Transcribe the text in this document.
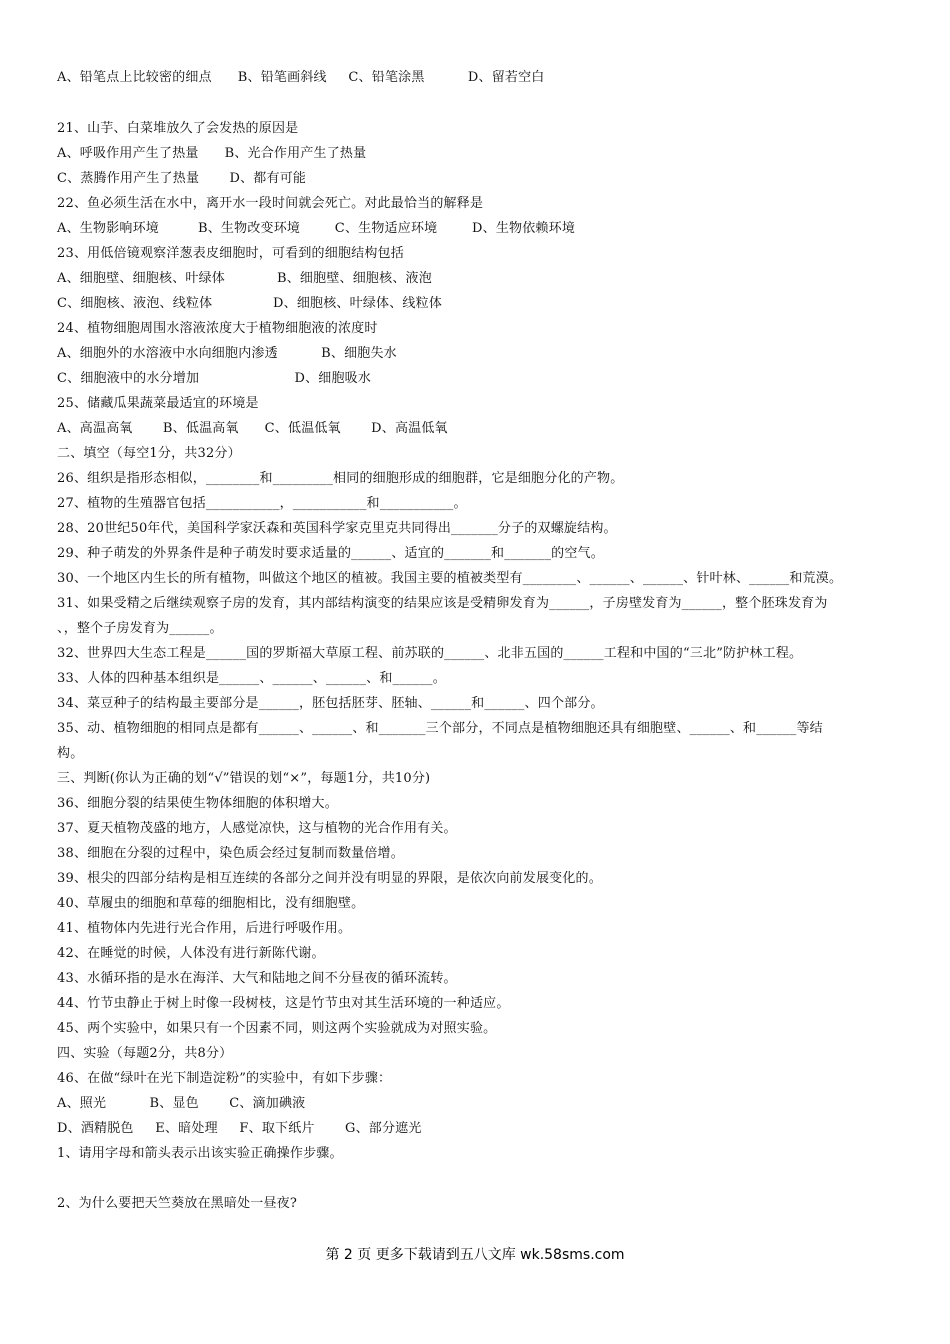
A、铅笔点上比较密的细点      B、铅笔画斜线     C、铅笔涂黑          D、留若空白
21、山芋、白菜堆放久了会发热的原因是
A、呼吸作用产生了热量      B、光合作用产生了热量
C、蒸腾作用产生了热量       D、都有可能
22、鱼必须生活在水中，离开水一段时间就会死亡。对此最恰当的解释是
A、生物影响环境         B、生物改变环境        C、生物适应环境        D、生物依赖环境
23、用低倍镜观察洋葱表皮细胞时，可看到的细胞结构包括
A、细胞壁、细胞核、叶绿体            B、细胞壁、细胞核、液泡
C、细胞核、液泡、线粒体              D、细胞核、叶绿体、线粒体
24、植物细胞周围水溶液浓度大于植物细胞液的浓度时
A、细胞外的水溶液中水向细胞内渗透          B、细胞失水
C、细胞液中的水分增加                      D、细胞吸水
25、储藏瓜果蔬菜最适宜的环境是
A、高温高氧       B、低温高氧      C、低温低氧       D、高温低氧
二、填空（每空1分，共32分）
26、组织是指形态相似，________和_________相同的细胞形成的细胞群，它是细胞分化的产物。
27、植物的生殖器官包括___________，___________和___________。
28、20世纪50年代，美国科学家沃森和英国科学家克里克共同得出_______分子的双螺旋结构。
29、种子萌发的外界条件是种子萌发时要求适量的______、适宜的_______和_______的空气。
30、一个地区内生长的所有植物，叫做这个地区的植被。我国主要的植被类型有________、______、______、针叶林、______和荒漠。
31、如果受精之后继续观察子房的发育，其内部结构演变的结果应该是受精卵发育为______，子房壁发育为______，整个胚珠发育为
、，整个子房发育为______。
32、世界四大生态工程是______国的罗斯福大草原工程、前苏联的______、北非五国的______工程和中国的“三北”防护林工程。
33、人体的四种基本组织是______、______、______、和______。
34、菜豆种子的结构最主要部分是______，胚包括胚芽、胚轴、______和______、四个部分。
35、动、植物细胞的相同点是都有______、______、和_______三个部分，不同点是植物细胞还具有细胞壁、______、和______等结
构。
三、判断(你认为正确的划“√”错误的划“×”，每题1分，共10分)
36、细胞分裂的结果使生物体细胞的体积增大。
37、夏天植物茂盛的地方，人感觉凉快，这与植物的光合作用有关。
38、细胞在分裂的过程中，染色质会经过复制而数量倍增。
39、根尖的四部分结构是相互连续的各部分之间并没有明显的界限，是依次向前发展变化的。
40、草履虫的细胞和草莓的细胞相比，没有细胞壁。
41、植物体内先进行光合作用，后进行呼吸作用。
42、在睡觉的时候，人体没有进行新陈代谢。
43、水循环指的是水在海洋、大气和陆地之间不分昼夜的循环流转。
44、竹节虫静止于树上时像一段树枝，这是竹节虫对其生活环境的一种适应。
45、两个实验中，如果只有一个因素不同，则这两个实验就成为对照实验。
四、实验（每题2分，共8分）
46、在做“绿叶在光下制造淀粉”的实验中，有如下步骤：
A、照光          B、显色       C、滴加碘液
D、酒精脱色     E、暗处理     F、取下纸片       G、部分遮光
1、请用字母和箭头表示出该实验正确操作步骤。
2、为什么要把天竺葵放在黑暗处一昼夜?
第 2 页 更多下载请到五八文库 wk.58sms.com
